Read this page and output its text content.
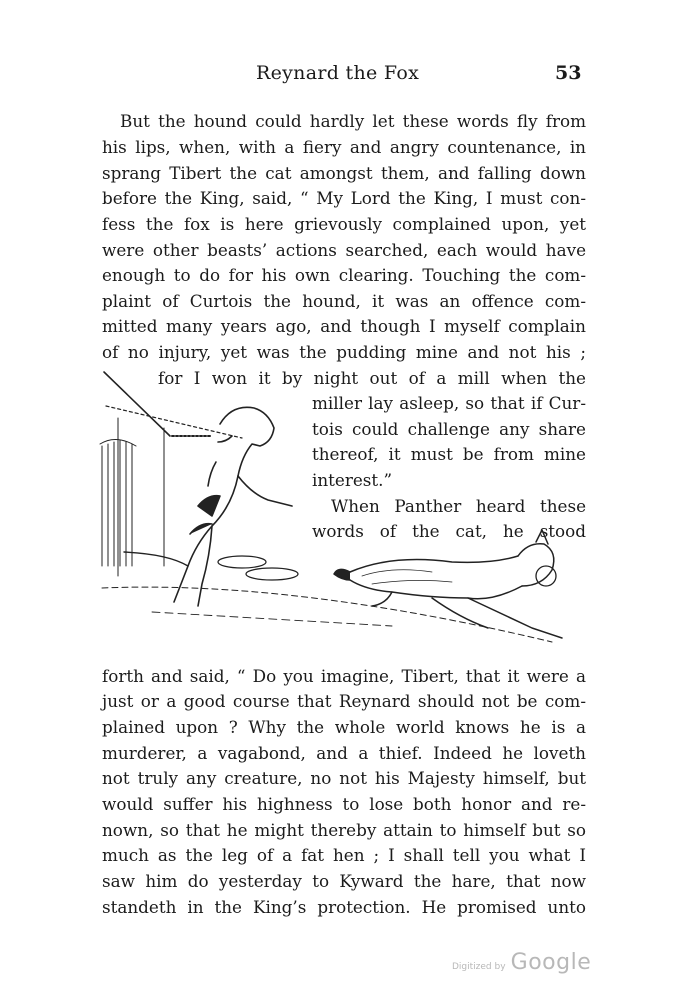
Reynard the Fox	53
But the hound could hardly let these words fly from
his lips, when, with a fiery and angry countenance, in
sprang Tibert the cat amongst them, and falling down
before the King, said, “ My Lord the King, I must con-
fess the fox is here grievously complained upon, yet
were other beasts’ actions searched, each would have
enough to do for his own clearing. Touching the com-
plaint of Curtois the hound, it was an offence com-
mitted many years ago, and though I myself complain
of no injury, yet was the pudding mine and not his ;
for I won it by night out of a mill when the
miller lay asleep, so that if Cur-
tois could challenge any share
thereof, it must be from mine
interest.”
When Panther heard these
words of the cat, he stood
forth and said, “ Do you imagine, Tibert, that it were a
just or a good course that Reynard should not be com-
plained upon ? Why the whole world knows he is a
murderer, a vagabond, and a thief. Indeed he loveth
not truly any creature, no not his Majesty himself, but
would suffer his highness to lose both honor and re-
nown, so that he might thereby attain to himself but so
much as the leg of a fat hen ; I shall tell you what I
saw him do yesterday to Kyward the hare, that now
standeth in the King’s protection. He promised unto
Digitized by Google
